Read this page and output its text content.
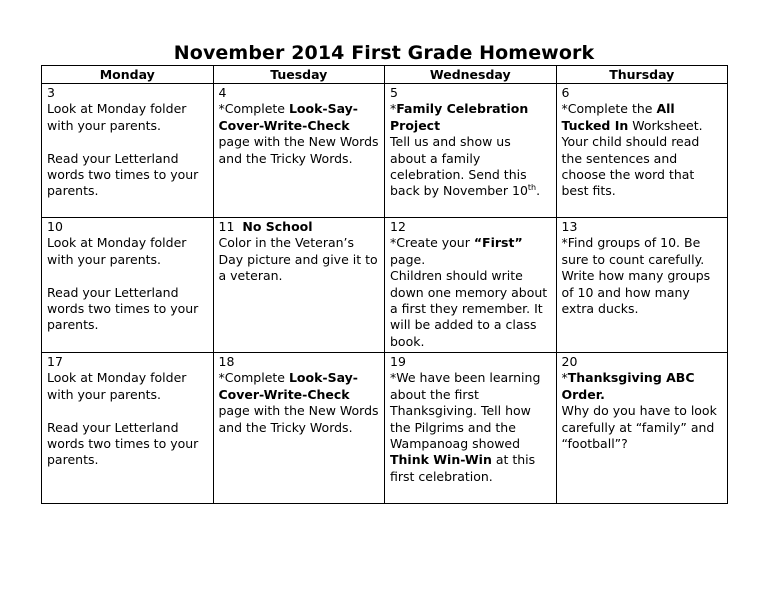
November 2014 First Grade Homework
Monday	Tuesday	Wednesday	Thursday

3
Look at Monday folder with your parents.
Read your Letterland words two times to your parents.	4
*Complete Look-Say-Cover-Write-Check page with the New Words and the Tricky Words.	5
*Family Celebration Project
Tell us and show us about a family celebration. Send this back by November 10th.	6
*Complete the All Tucked In Worksheet. Your child should read the sentences and choose the word that best fits.

10
Look at Monday folder with your parents.
Read your Letterland words two times to your parents.	11 No School
Color in the Veteran’s Day picture and give it to a veteran.	12
*Create your “First” page.
Children should write down one memory about a first they remember. It will be added to a class book.	13
*Find groups of 10. Be sure to count carefully. Write how many groups of 10 and how many extra ducks.

17
Look at Monday folder with your parents.
Read your Letterland words two times to your parents.	18
*Complete Look-Say-Cover-Write-Check page with the New Words and the Tricky Words.	19
*We have been learning about the first Thanksgiving. Tell how the Pilgrims and the Wampanoag showed Think Win-Win at this first celebration.	20
*Thanksgiving ABC Order.
Why do you have to look carefully at “family” and “football”?
